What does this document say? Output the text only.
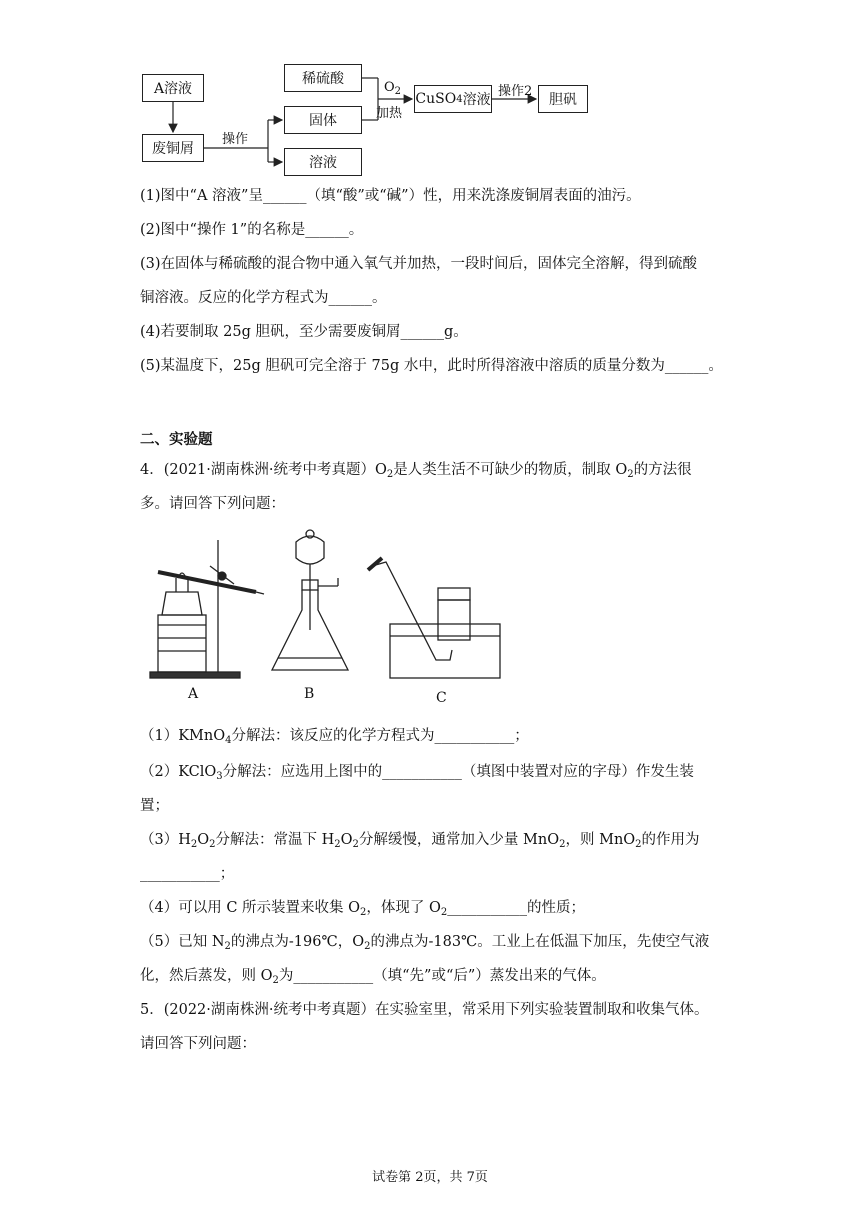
A溶液
废铜屑
操作
稀硫酸
固体
溶液
$O_2$
加热
CuSO 4 溶液
操作2
胆矾
(1)图中“A 溶液”呈______（填“酸”或“碱”）性，用来洗涤废铜屑表面的油污。
(2)图中“操作 1”的名称是______。
(3)在固体与稀硫酸的混合物中通入氧气并加热，一段时间后，固体完全溶解，得到硫酸
铜溶液。反应的化学方程式为______。
(4)若要制取 25g 胆矾，至少需要废铜屑______g。
(5)某温度下，25g 胆矾可完全溶于 75g 水中，此时所得溶液中溶质的质量分数为______。
二、实验题
4．(2021·湖南株洲·统考中考真题）$O_2$是人类生活不可缺少的物质，制取 $O_2$的方法很
多。请回答下列问题：
A	B	C
（1）KMnO$_4$分解法：该反应的化学方程式为___________；
（2）KClO$_3$分解法：应选用上图中的___________（填图中装置对应的字母）作发生装
置；
$(3)H_2O_2$分解法：常温下 $H_2O_2$分解缓慢，通常加入少量 MnO$_2$，则 MnO$_2$的作用为
___________；
（4）可以用 C 所示装置来收集 $O_2$，体现了 $O_2\_\_\_\_\_\_\_\_\_\_\_$的性质；
（5）已知 $N_2$的沸点为-196℃，$O_2$的沸点为-183℃。工业上在低温下加压，先使空气液
化，然后蒸发，则 $O_2$为___________（填“先”或“后”）蒸发出来的气体。
5．(2022·湖南株洲·统考中考真题）在实验室里，常采用下列实验装置制取和收集气体。
请回答下列问题：
试卷第 2页，共 7页
